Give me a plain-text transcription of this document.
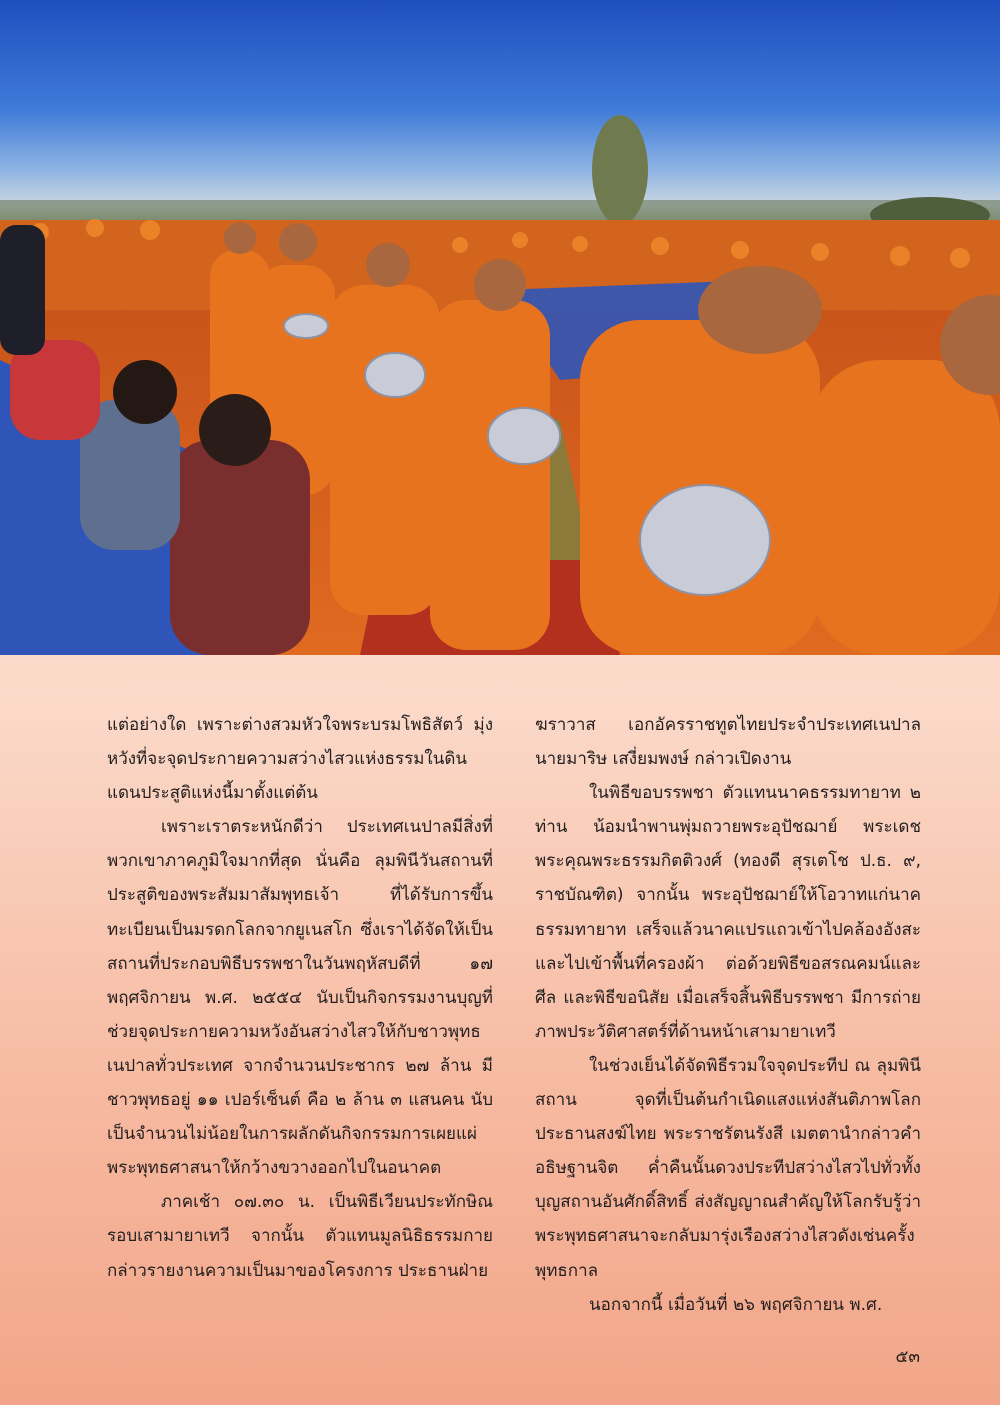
แต่อย่างใด เพราะต่างสวมหัวใจพระบรมโพธิสัตว์ มุ่งหวังที่จะจุดประกายความสว่างไสวแห่งธรรมในดินแดนประสูติแห่งนี้มาตั้งแต่ต้น

เพราะเราตระหนักดีว่า ประเทศเนปาลมีสิ่งที่พวกเขาภาคภูมิใจมากที่สุด นั่นคือ ลุมพินีวันสถานที่ประสูติของพระสัมมาสัมพุทธเจ้า ที่ได้รับการขึ้นทะเบียนเป็นมรดกโลกจากยูเนสโก ซึ่งเราได้จัดให้เป็นสถานที่ประกอบพิธีบรรพชาในวันพฤหัสบดีที่ ๑๗ พฤศจิกายน พ.ศ. ๒๕๕๔ นับเป็นกิจกรรมงานบุญที่ช่วยจุดประกายความหวังอันสว่างไสวให้กับชาวพุทธเนปาลทั่วประเทศ จากจำนวนประชากร ๒๗ ล้าน มีชาวพุทธอยู่ ๑๑ เปอร์เซ็นต์ คือ ๒ ล้าน ๓ แสนคน นับเป็นจำนวนไม่น้อยในการผลักดันกิจกรรมการเผยแผ่พระพุทธศาสนาให้กว้างขวางออกไปในอนาคต

ภาคเช้า ๐๗.๓๐ น. เป็นพิธีเวียนประทักษิณรอบเสามายาเทวี จากนั้น ตัวแทนมูลนิธิธรรมกายกล่าวรายงานความเป็นมาของโครงการ ประธานฝ่าย

ฆราวาส เอกอัครราชทูตไทยประจำประเทศเนปาล นายมาริษ เสงี่ยมพงษ์ กล่าวเปิดงาน

ในพิธีขอบรรพชา ตัวแทนนาคธรรมทายาท ๒ ท่าน น้อมนำพานพุ่มถวายพระอุปัชฌาย์ พระเดชพระคุณพระธรรมกิตติวงศ์ (ทองดี สุรเตโช ป.ธ. ๙, ราชบัณฑิต) จากนั้น พระอุปัชฌาย์ให้โอวาทแก่นาคธรรมทายาท เสร็จแล้วนาคแปรแถวเข้าไปคล้องอังสะ และไปเข้าพื้นที่ครองผ้า ต่อด้วยพิธีขอสรณคมน์และศีล และพิธีขอนิสัย เมื่อเสร็จสิ้นพิธีบรรพชา มีการถ่ายภาพประวัติศาสตร์ที่ด้านหน้าเสามายาเทวี

ในช่วงเย็นได้จัดพิธีรวมใจจุดประทีป ณ ลุมพินีสถาน จุดที่เป็นต้นกำเนิดแสงแห่งสันติภาพโลก ประธานสงฆ์ไทย พระราชรัตนรังสี เมตตานำกล่าวคำอธิษฐานจิต ค่ำคืนนั้นดวงประทีปสว่างไสวไปทั่วทั้งบุญสถานอันศักดิ์สิทธิ์ ส่งสัญญาณสำคัญให้โลกรับรู้ว่าพระพุทธศาสนาจะกลับมารุ่งเรืองสว่างไสวดังเช่นครั้งพุทธกาล

นอกจากนี้ เมื่อวันที่ ๒๖ พฤศจิกายน พ.ศ.

๕๓
